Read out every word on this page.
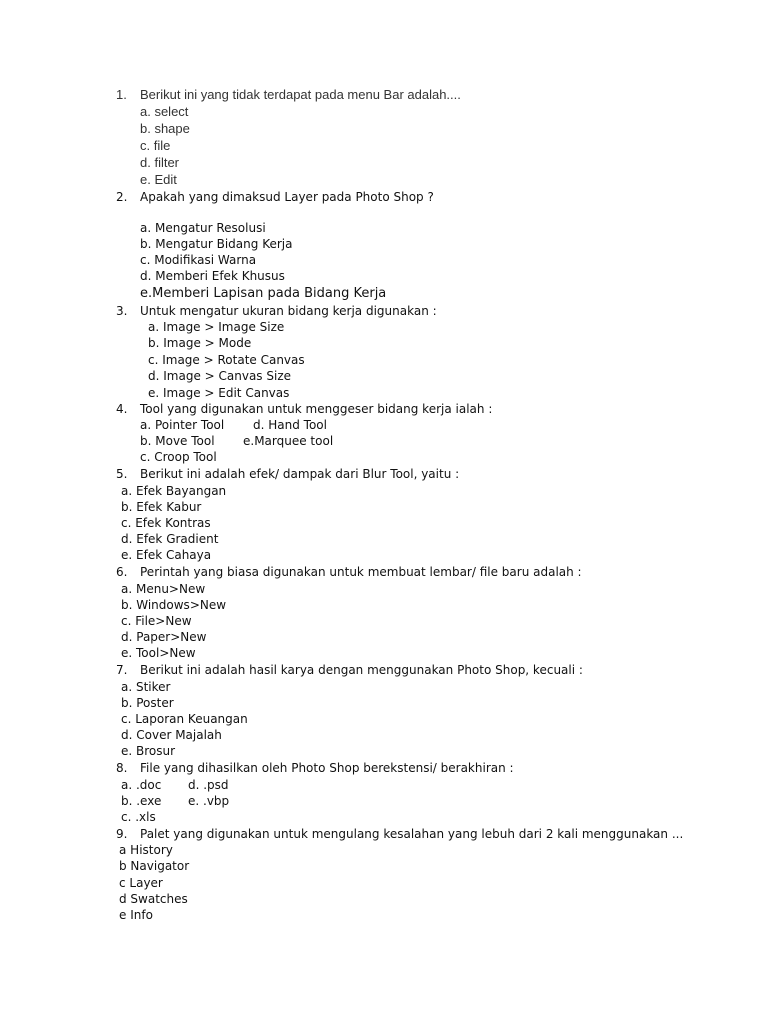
1. Berikut ini yang tidak terdapat pada menu Bar adalah....
a. select
b. shape
c. file
d. filter
e. Edit
2. Apakah yang dimaksud Layer pada Photo Shop ?
a. Mengatur Resolusi
b. Mengatur Bidang Kerja
c. Modifikasi Warna
d. Memberi Efek Khusus
e.Memberi Lapisan pada Bidang Kerja
3. Untuk mengatur ukuran bidang kerja digunakan :
a. Image > Image Size
b. Image > Mode
c. Image > Rotate Canvas
d. Image > Canvas Size
e. Image > Edit Canvas
4. Tool yang digunakan untuk menggeser bidang kerja ialah :
a. Pointer Tool d. Hand Tool
b. Move Tool e.Marquee tool
c. Croop Tool
5. Berikut ini adalah efek/ dampak dari Blur Tool, yaitu :
a. Efek Bayangan
b. Efek Kabur
c. Efek Kontras
d. Efek Gradient
e. Efek Cahaya
6. Perintah yang biasa digunakan untuk membuat lembar/ file baru adalah :
a. Menu>New
b. Windows>New
c. File>New
d. Paper>New
e. Tool>New
7. Berikut ini adalah hasil karya dengan menggunakan Photo Shop, kecuali :
a. Stiker
b. Poster
c. Laporan Keuangan
d. Cover Majalah
e. Brosur
8. File yang dihasilkan oleh Photo Shop berekstensi/ berakhiran :
a. .doc d. .psd
b. .exe e. .vbp
c. .xls
9. Palet yang digunakan untuk mengulang kesalahan yang lebuh dari 2 kali menggunakan ...
a History
b Navigator
c Layer
d Swatches
e Info
